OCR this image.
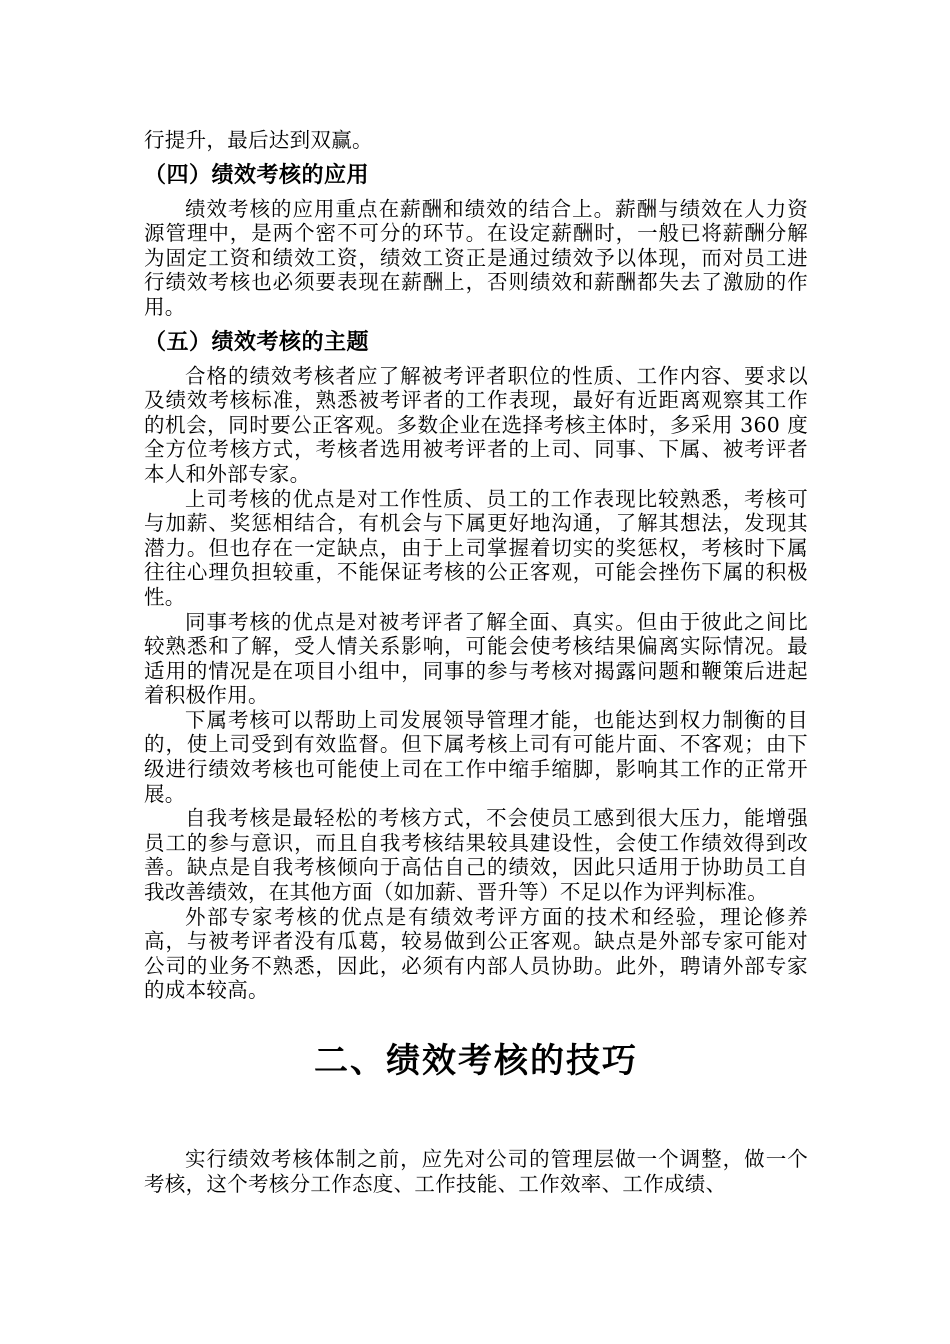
行提升，最后达到双赢。

（四）绩效考核的应用

绩效考核的应用重点在薪酬和绩效的结合上。薪酬与绩效在人力资源管理中，是两个密不可分的环节。在设定薪酬时，一般已将薪酬分解为固定工资和绩效工资，绩效工资正是通过绩效予以体现，而对员工进行绩效考核也必须要表现在薪酬上，否则绩效和薪酬都失去了激励的作用。

（五）绩效考核的主题

合格的绩效考核者应了解被考评者职位的性质、工作内容、要求以及绩效考核标准，熟悉被考评者的工作表现，最好有近距离观察其工作的机会，同时要公正客观。多数企业在选择考核主体时，多采用 360 度全方位考核方式，考核者选用被考评者的上司、同事、下属、被考评者本人和外部专家。

上司考核的优点是对工作性质、员工的工作表现比较熟悉，考核可与加薪、奖惩相结合，有机会与下属更好地沟通，了解其想法，发现其潜力。但也存在一定缺点，由于上司掌握着切实的奖惩权，考核时下属往往心理负担较重，不能保证考核的公正客观，可能会挫伤下属的积极性。

同事考核的优点是对被考评者了解全面、真实。但由于彼此之间比较熟悉和了解，受人情关系影响，可能会使考核结果偏离实际情况。最适用的情况是在项目小组中，同事的参与考核对揭露问题和鞭策后进起着积极作用。

下属考核可以帮助上司发展领导管理才能，也能达到权力制衡的目的，使上司受到有效监督。但下属考核上司有可能片面、不客观；由下级进行绩效考核也可能使上司在工作中缩手缩脚，影响其工作的正常开展。

自我考核是最轻松的考核方式，不会使员工感到很大压力，能增强员工的参与意识，而且自我考核结果较具建设性，会使工作绩效得到改善。缺点是自我考核倾向于高估自己的绩效，因此只适用于协助员工自我改善绩效，在其他方面（如加薪、晋升等）不足以作为评判标准。

外部专家考核的优点是有绩效考评方面的技术和经验，理论修养高，与被考评者没有瓜葛，较易做到公正客观。缺点是外部专家可能对公司的业务不熟悉，因此，必须有内部人员协助。此外，聘请外部专家的成本较高。

二、绩效考核的技巧

实行绩效考核体制之前，应先对公司的管理层做一个调整，做一个考核，这个考核分工作态度、工作技能、工作效率、工作成绩、
